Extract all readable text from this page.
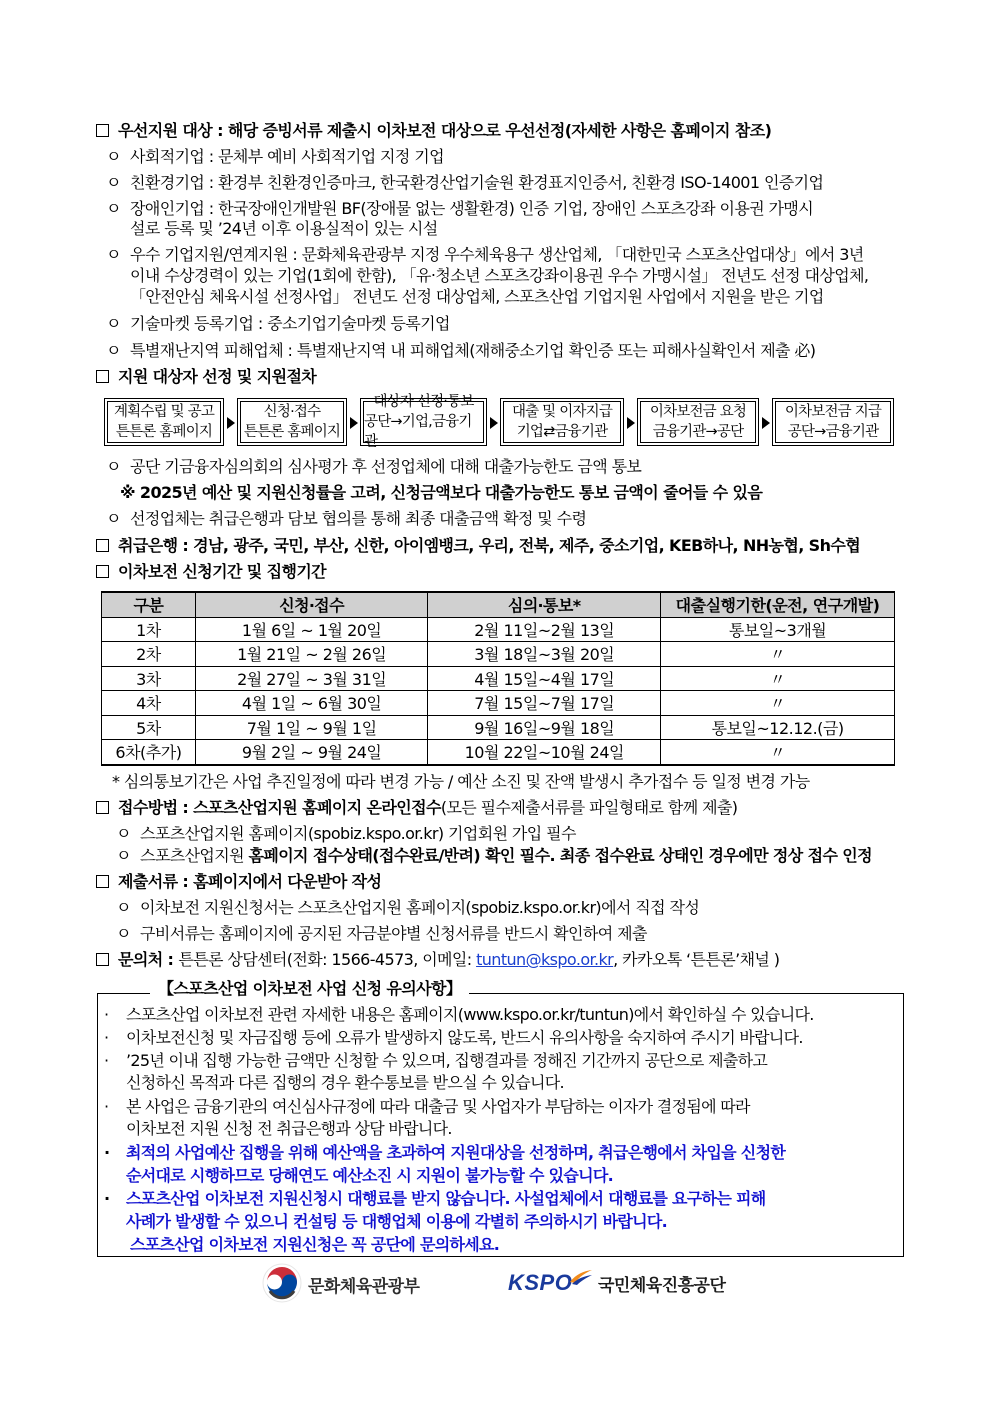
우선지원 대상 : 해당 증빙서류 제출시 이차보전 대상으로 우선선정(자세한 사항은 홈페이지 참조)
ㅇ 사회적기업 : 문체부 예비 사회적기업 지정 기업
ㅇ 친환경기업 : 환경부 친환경인증마크, 한국환경산업기술원 환경표지인증서, 친환경 ISO-14001 인증기업
ㅇ 장애인기업 : 한국장애인개발원 BF(장애물 없는 생활환경) 인증 기업, 장애인 스포츠강좌 이용권 가맹시
설로 등록 및 ’24년 이후 이용실적이 있는 시설
ㅇ 우수 기업지원/연계지원 : 문화체육관광부 지정 우수체육용구 생산업체, 「대한민국 스포츠산업대상」에서 3년
이내 수상경력이 있는 기업(1회에 한함), 「유‧청소년 스포츠강좌이용권 우수 가맹시설」 전년도 선정 대상업체,
「안전안심 체육시설 선정사업」 전년도 선정 대상업체, 스포츠산업 기업지원 사업에서 지원을 받은 기업
ㅇ 기술마켓 등록기업 : 중소기업기술마켓 등록기업
ㅇ 특별재난지역 피해업체 : 특별재난지역 내 피해업체(재해중소기업 확인증 또는 피해사실확인서 제출 必)
지원 대상자 선정 및 지원절차
계획수립 및 공고
튼튼론 홈페이지
신청·접수
튼튼론 홈페이지
대상자 선정‧통보
공단→기업,금융기관
대출 및 이자지급
기업⇄금융기관
이차보전금 요청
금융기관→공단
이차보전금 지급
공단→금융기관
ㅇ 공단 기금융자심의회의 심사평가 후 선정업체에 대해 대출가능한도 금액 통보
※ 2025년 예산 및 지원신청률을 고려, 신청금액보다 대출가능한도 통보 금액이 줄어들 수 있음
ㅇ 선정업체는 취급은행과 담보 협의를 통해 최종 대출금액 확정 및 수령
취급은행 : 경남, 광주, 국민, 부산, 신한, 아이엠뱅크, 우리, 전북, 제주, 중소기업, KEB하나, NH농협, Sh수협
이차보전 신청기간 및 집행기간
구분	신청‧접수	심의‧통보*	대출실행기한(운전, 연구개발)
1차	1월 6일 ~ 1월 20일	2월 11일~2월 13일	통보일~3개월
2차	1월 21일 ~ 2월 26일	3월 18일~3월 20일	〃
3차	2월 27일 ~ 3월 31일	4월 15일~4월 17일	〃
4차	4월 1일 ~ 6월 30일	7월 15일~7월 17일	〃
5차	7월 1일 ~ 9월 1일	9월 16일~9월 18일	통보일~12.12.(금)
6차(추가)	9월 2일 ~ 9월 24일	10월 22일~10월 24일	〃
* 심의통보기간은 사업 추진일정에 따라 변경 가능 / 예산 소진 및 잔액 발생시 추가접수 등 일정 변경 가능
접수방법 : 스포츠산업지원 홈페이지 온라인접수(모든 필수제출서류를 파일형태로 함께 제출)
ㅇ 스포츠산업지원 홈페이지(spobiz.kspo.or.kr) 기업회원 가입 필수
ㅇ 스포츠산업지원 홈페이지 접수상태(접수완료/반려) 확인 필수. 최종 접수완료 상태인 경우에만 정상 접수 인정
제출서류 : 홈페이지에서 다운받아 작성
ㅇ 이차보전 지원신청서는 스포츠산업지원 홈페이지(spobiz.kspo.or.kr)에서 직접 작성
ㅇ 구비서류는 홈페이지에 공지된 자금분야별 신청서류를 반드시 확인하여 제출
문의처 : 튼튼론 상담센터(전화: 1566-4573, 이메일: tuntun@kspo.or.kr, 카카오톡 ‘튼튼론’채널 )
【스포츠산업 이차보전 사업 신청 유의사항】
· 스포츠산업 이차보전 관련 자세한 내용은 홈페이지(www.kspo.or.kr/tuntun)에서 확인하실 수 있습니다.
· 이차보전신청 및 자금집행 등에 오류가 발생하지 않도록, 반드시 유의사항을 숙지하여 주시기 바랍니다.
· ’25년 이내 집행 가능한 금액만 신청할 수 있으며, 집행결과를 정해진 기간까지 공단으로 제출하고
신청하신 목적과 다른 집행의 경우 환수통보를 받으실 수 있습니다.
· 본 사업은 금융기관의 여신심사규정에 따라 대출금 및 사업자가 부담하는 이자가 결정됨에 따라
이차보전 지원 신청 전 취급은행과 상담 바랍니다.
· 최적의 사업예산 집행을 위해 예산액을 초과하여 지원대상을 선정하며, 취급은행에서 차입을 신청한
순서대로 시행하므로 당해연도 예산소진 시 지원이 불가능할 수 있습니다.
· 스포츠산업 이차보전 지원신청시 대행료를 받지 않습니다. 사설업체에서 대행료를 요구하는 피해
사례가 발생할 수 있으니 컨설팅 등 대행업체 이용에 각별히 주의하시기 바랍니다.
스포츠산업 이차보전 지원신청은 꼭 공단에 문의하세요.
문화체육관광부	KSPO 국민체육진흥공단
